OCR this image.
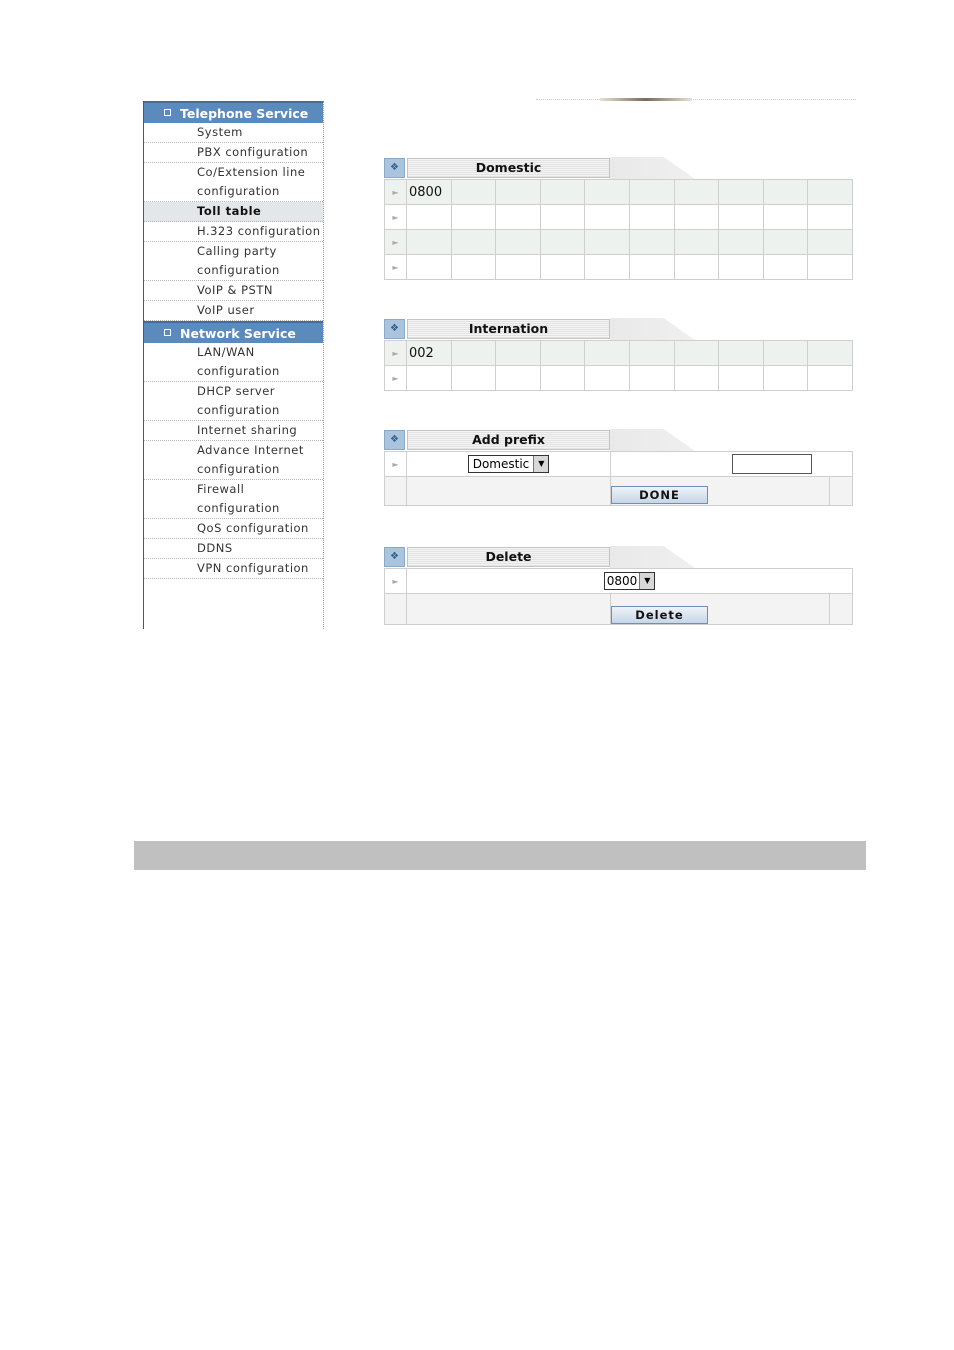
Telephone Service
System
PBX configuration
Co/Extension line configuration
Toll table
H.323 configuration
Calling party configuration
VoIP & PSTN
VoIP user
Network Service
LAN/WAN configuration
DHCP server configuration
Internet sharing
Advance Internet configuration
Firewall configuration
QoS configuration
DDNS
VPN configuration
❖	Domestic
►	0800									
►										
►										
►										
❖	Internation
►	002									
►										
❖	Add prefix
►	Domestic ▼

		DONE
❖	Delete
►	0800 ▼

	Delete
